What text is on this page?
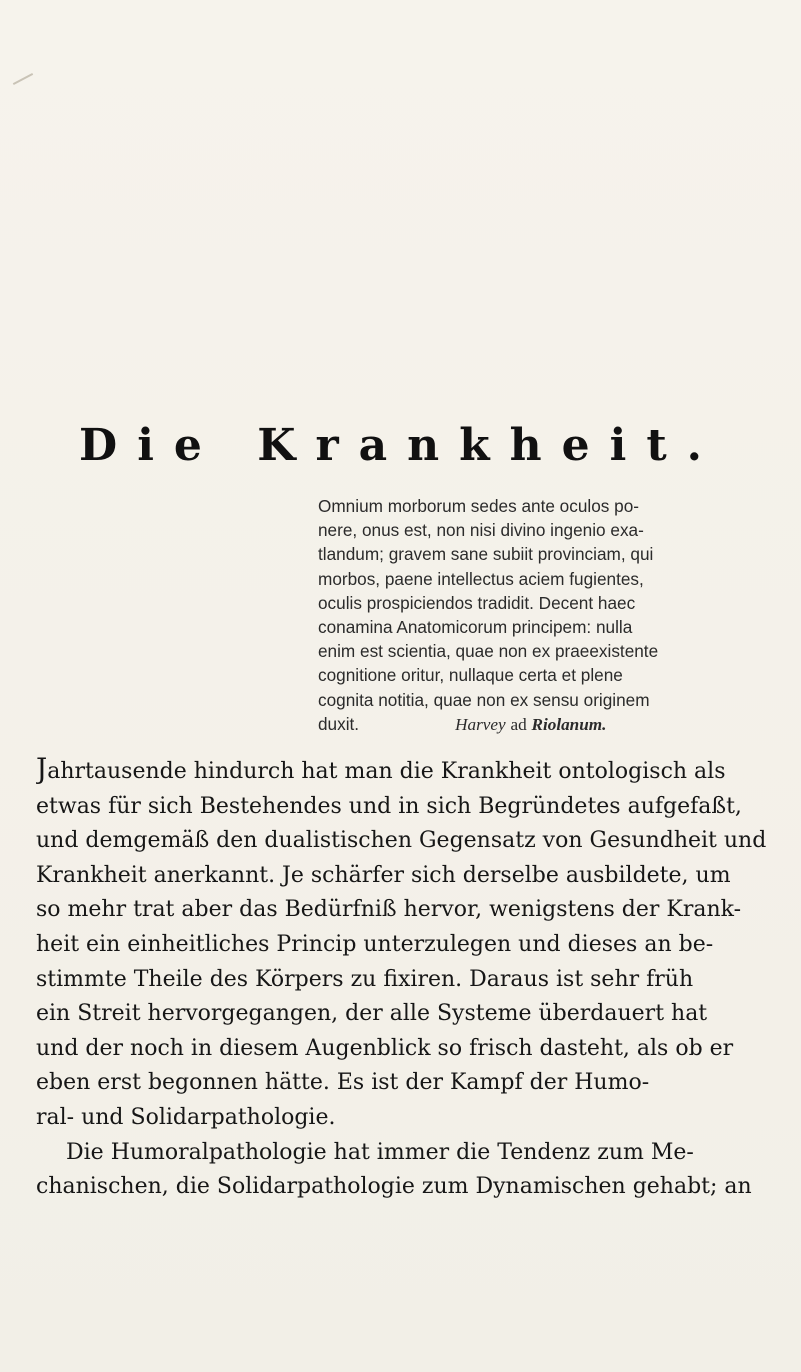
Die Krankheit.
Omnium morborum sedes ante oculos po-
nere, onus est, non nisi divino ingenio exa-
tlandum; gravem sane subiit provinciam, qui
morbos, paene intellectus aciem fugientes,
oculis prospiciendos tradidit. Decent haec
conamina Anatomicorum principem: nulla
enim est scientia, quae non ex praeexistente
cognitione oritur, nullaque certa et plene
cognita notitia, quae non ex sensu originem
duxit.	Harvey ad Riolanum.
Jahrtausende hindurch hat man die Krankheit ontologisch als
etwas für sich Bestehendes und in sich Begründetes aufgefaßt,
und demgemäß den dualistischen Gegensatz von Gesundheit und
Krankheit anerkannt. Je schärfer sich derselbe ausbildete, um
so mehr trat aber das Bedürfniß hervor, wenigstens der Krank-
heit ein einheitliches Princip unterzulegen und dieses an be-
stimmte Theile des Körpers zu fixiren. Daraus ist sehr früh
ein Streit hervorgegangen, der alle Systeme überdauert hat
und der noch in diesem Augenblick so frisch dasteht, als ob er
eben erst begonnen hätte. Es ist der Kampf der Humo-
ral- und Solidarpathologie.
Die Humoralpathologie hat immer die Tendenz zum Me-
chanischen, die Solidarpathologie zum Dynamischen gehabt; an
